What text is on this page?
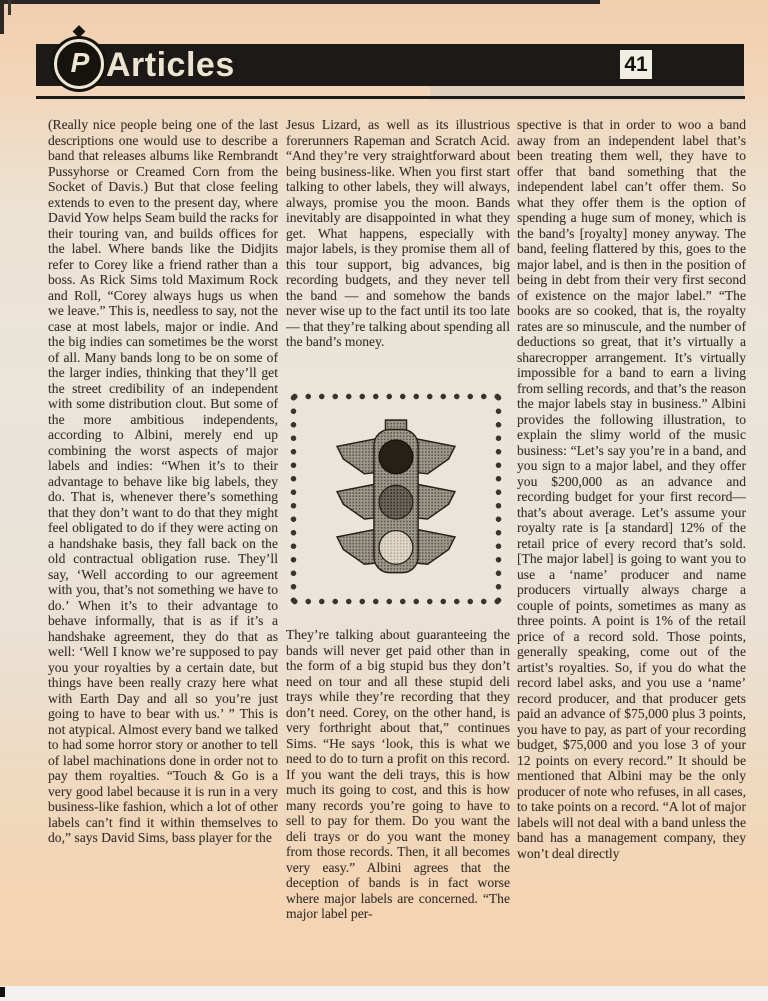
P Articles	41
(Really nice people being one of the last descriptions one would use to describe a band that releases albums like Rembrandt Pussyhorse or Creamed Corn from the Socket of Davis.) But that close feeling extends to even to the present day, where David Yow helps Seam build the racks for their touring van, and builds offices for the label. Where bands like the Didjits refer to Corey like a friend rather than a boss. As Rick Sims told Maximum Rock and Roll, “Corey always hugs us when we leave.” This is, needless to say, not the case at most labels, major or indie. And the big indies can sometimes be the worst of all. Many bands long to be on some of the larger indies, thinking that they’ll get the street credibility of an independent with some distribution clout. But some of the more ambitious independents, according to Albini, merely end up combining the worst aspects of major labels and indies: “When it’s to their advantage to behave like big labels, they do. That is, whenever there’s something that they don’t want to do that they might feel obligated to do if they were acting on a handshake basis, they fall back on the old contractual obligation ruse. They’ll say, ‘Well according to our agreement with you, that’s not something we have to do.’ When it’s to their advantage to behave informally, that is as if it’s a handshake agreement, they do that as well: ‘Well I know we’re supposed to pay you your royalties by a certain date, but things have been really crazy here what with Earth Day and all so you’re just going to have to bear with us.’ ” This is not atypical. Almost every band we talked to had some horror story or another to tell of label machinations done in order not to pay them royalties. “Touch & Go is a very good label because it is run in a very business-like fashion, which a lot of other labels can’t find it within themselves to do,” says David Sims, bass player for the
Jesus Lizard, as well as its illustrious forerunners Rapeman and Scratch Acid. “And they’re very straightforward about being business-like. When you first start talking to other labels, they will always, always, promise you the moon. Bands inevitably are disappointed in what they get. What happens, especially with major labels, is they promise them all of this tour support, big advances, big recording budgets, and they never tell the band — and somehow the bands never wise up to the fact until its too late — that they’re talking about spending all the band’s money.
They’re talking about guaranteeing the bands will never get paid other than in the form of a big stupid bus they don’t need on tour and all these stupid deli trays while they’re recording that they don’t need. Corey, on the other hand, is very forthright about that,” continues Sims. “He says ‘look, this is what we need to do to turn a profit on this record. If you want the deli trays, this is how much its going to cost, and this is how many records you’re going to have to sell to pay for them. Do you want the deli trays or do you want the money from those records. Then, it all becomes very easy.” Albini agrees that the deception of bands is in fact worse where major labels are concerned. “The major label per-
spective is that in order to woo a band away from an independent label that’s been treating them well, they have to offer that band something that the independent label can’t offer them. So what they offer them is the option of spending a huge sum of money, which is the band’s [royalty] money anyway. The band, feeling flattered by this, goes to the major label, and is then in the position of being in debt from their very first second of existence on the major label.” “The books are so cooked, that is, the royalty rates are so minuscule, and the number of deductions so great, that it’s virtually a sharecropper arrangement. It’s virtually impossible for a band to earn a living from selling records, and that’s the reason the major labels stay in business.” Albini provides the following illustration, to explain the slimy world of the music business: “Let’s say you’re in a band, and you sign to a major label, and they offer you $200,000 as an advance and recording budget for your first record—that’s about average. Let’s assume your royalty rate is [a standard] 12% of the retail price of every record that’s sold. [The major label] is going to want you to use a ‘name’ producer and name producers virtually always charge a couple of points, sometimes as many as three points. A point is 1% of the retail price of a record sold. Those points, generally speaking, come out of the artist’s royalties. So, if you do what the record label asks, and you use a ‘name’ record producer, and that producer gets paid an advance of $75,000 plus 3 points, you have to pay, as part of your recording budget, $75,000 and you lose 3 of your 12 points on every record.” It should be mentioned that Albini may be the only producer of note who refuses, in all cases, to take points on a record. “A lot of major labels will not deal with a band unless the band has a management company, they won’t deal directly
